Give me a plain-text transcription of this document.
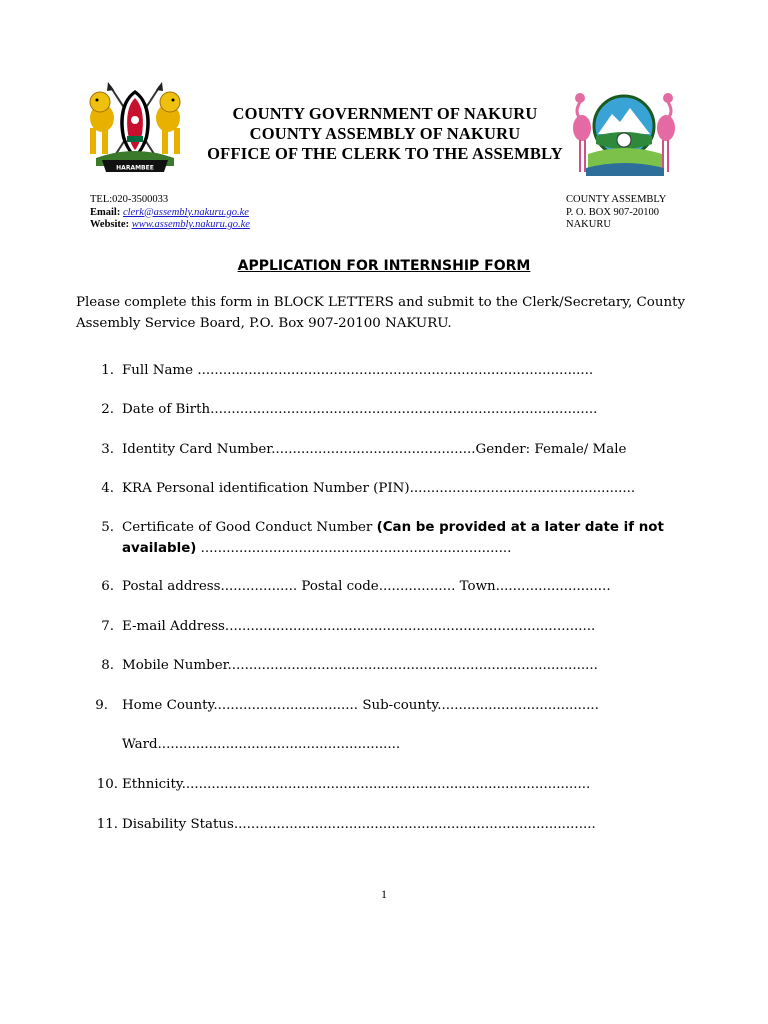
HARAMBEE
COUNTY GOVERNMENT OF NAKURU
COUNTY ASSEMBLY OF NAKURU
OFFICE OF THE CLERK TO THE ASSEMBLY
TEL:020-3500033
Email: clerk@assembly.nakuru.go.ke
Website: www.assembly.nakuru.go.ke
COUNTY ASSEMBLY
P. O. BOX 907-20100
NAKURU
APPLICATION FOR INTERNSHIP FORM
Please complete this form in BLOCK LETTERS and submit to the Clerk/Secretary, County Assembly Service Board, P.O. Box 907-20100 NAKURU.
1. Full Name .............................................................................................
2. Date of Birth...........................................................................................
3. Identity Card Number................................................Gender: Female/ Male
4. KRA Personal identification Number (PIN).....................................................
5. Certificate of Good Conduct Number (Can be provided at a later date if not
available) .........................................................................
6. Postal address.................. Postal code.................. Town...........................
7. E-mail Address.......................................................................................
8. Mobile Number.......................................................................................
9. Home County.................................. Sub-county......................................
Ward.........................................................
10. Ethnicity................................................................................................
11. Disability Status.....................................................................................
1
